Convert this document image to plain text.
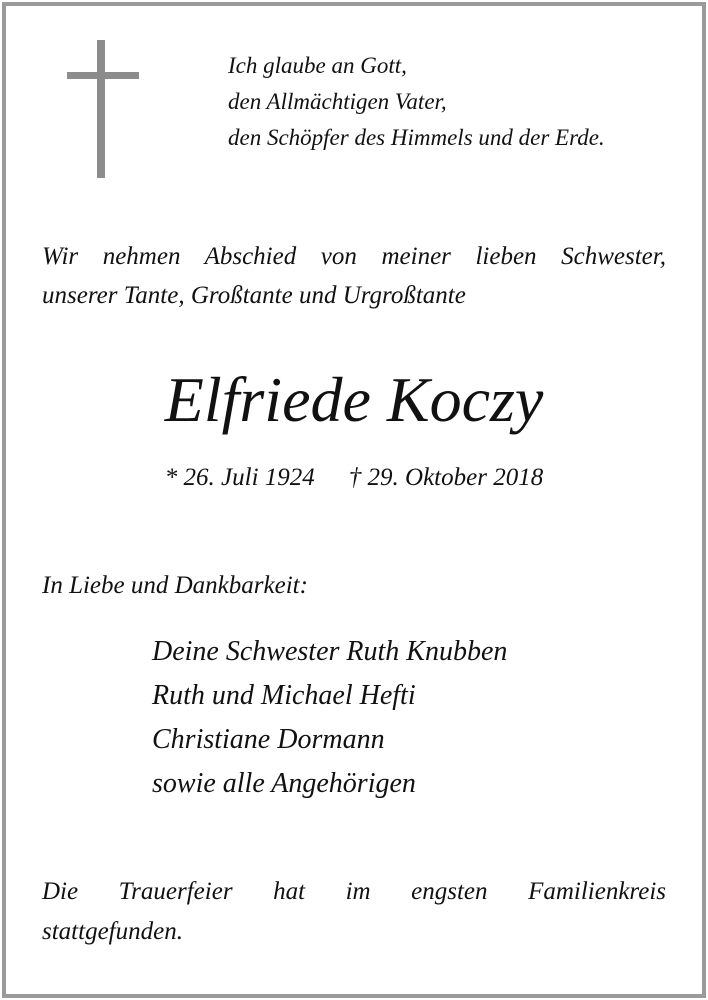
Ich glaube an Gott,
den Allmächtigen Vater,
den Schöpfer des Himmels und der Erde.
Wir nehmen Abschied von meiner lieben Schwester,
unserer Tante, Großtante und Urgroßtante
Elfriede Koczy
* 26. Juli 1924 † 29. Oktober 2018
In Liebe und Dankbarkeit:
Deine Schwester Ruth Knubben
Ruth und Michael Hefti
Christiane Dormann
sowie alle Angehörigen
Die Trauerfeier hat im engsten Familienkreis
stattgefunden.
